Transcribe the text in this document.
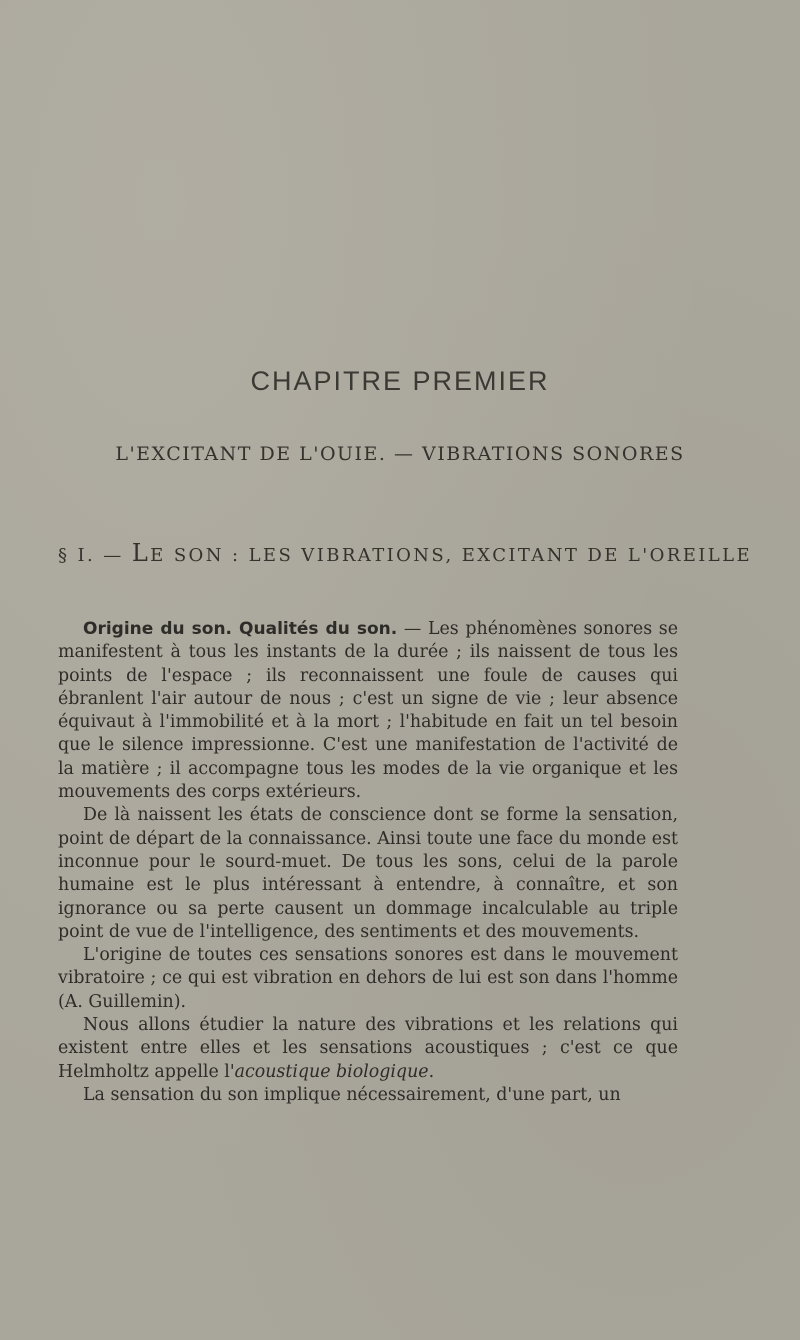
CHAPITRE PREMIER
L'EXCITANT DE L'OUIE. — VIBRATIONS SONORES
§ I. — LE SON : LES VIBRATIONS, EXCITANT DE L'OREILLE

Origine du son. Qualités du son. — Les phénomènes sonores se manifestent à tous les instants de la durée ; ils naissent de tous les points de l'espace ; ils reconnaissent une foule de causes qui ébranlent l'air autour de nous ; c'est un signe de vie ; leur absence équivaut à l'immobilité et à la mort ; l'habitude en fait un tel besoin que le silence impressionne. C'est une manifestation de l'activité de la matière ; il accompagne tous les modes de la vie organique et les mouvements des corps extérieurs.

De là naissent les états de conscience dont se forme la sensation, point de départ de la connaissance. Ainsi toute une face du monde est inconnue pour le sourd-muet. De tous les sons, celui de la parole humaine est le plus intéressant à entendre, à connaître, et son ignorance ou sa perte causent un dommage incalculable au triple point de vue de l'intelligence, des sentiments et des mouvements.

L'origine de toutes ces sensations sonores est dans le mouvement vibratoire ; ce qui est vibration en dehors de lui est son dans l'homme (A. Guillemin).

Nous allons étudier la nature des vibrations et les relations qui existent entre elles et les sensations acoustiques ; c'est ce que Helmholtz appelle l'acoustique biologique.

La sensation du son implique nécessairement, d'une part, un
